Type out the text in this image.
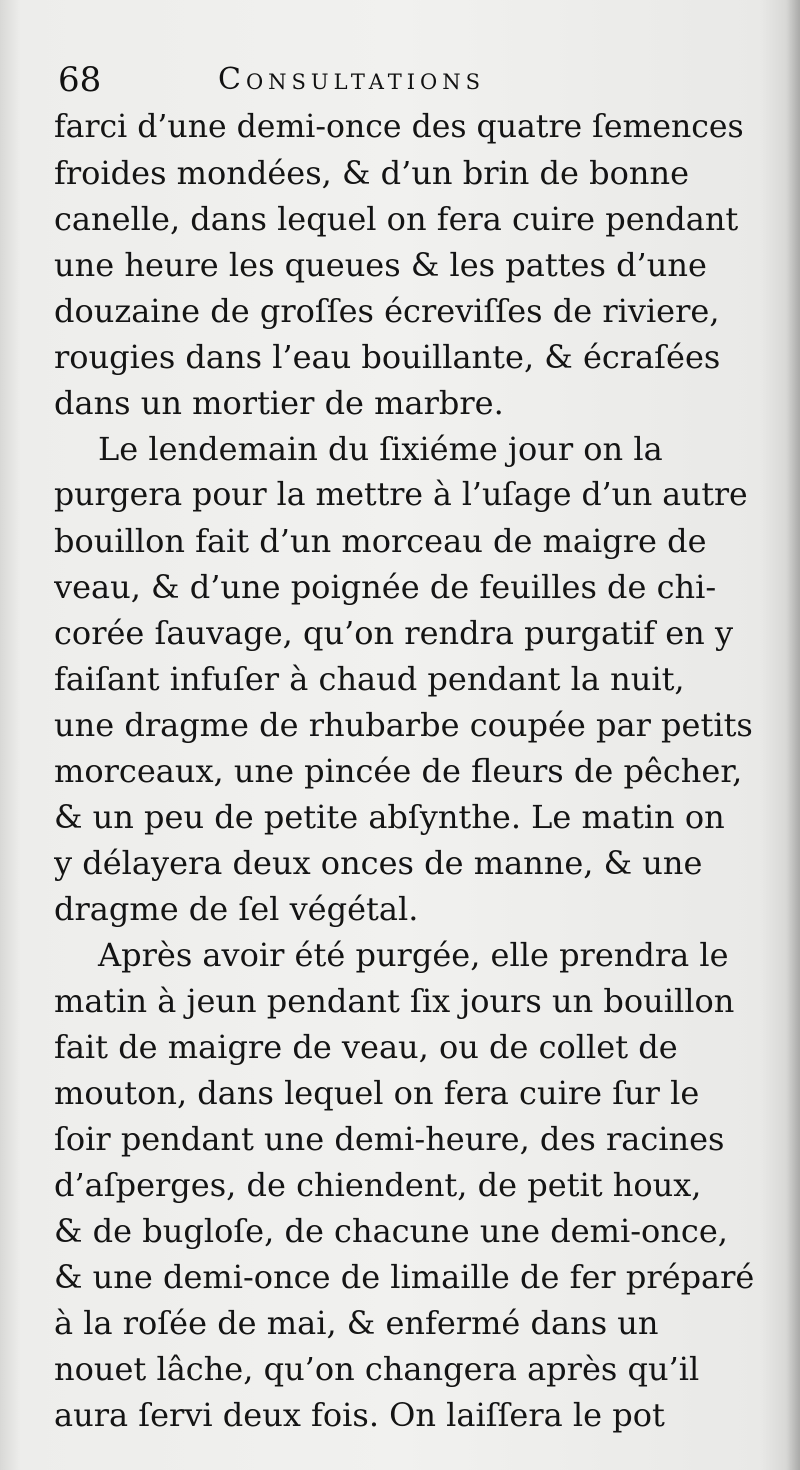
68	Consultations
farci d’une demi-once des quatre ſemences
froides mondées, & d’un brin de bonne
canelle, dans lequel on fera cuire pendant
une heure les queues & les pattes d’une
douzaine de groſſes écreviſſes de riviere,
rougies dans l’eau bouillante, & écraſées
dans un mortier de marbre.
Le lendemain du ſixiéme jour on la
purgera pour la mettre à l’uſage d’un autre
bouillon fait d’un morceau de maigre de
veau, & d’une poignée de feuilles de chi-
corée ſauvage, qu’on rendra purgatif en y
faiſant infuſer à chaud pendant la nuit,
une dragme de rhubarbe coupée par petits
morceaux, une pincée de fleurs de pêcher,
& un peu de petite abſynthe. Le matin on
y délayera deux onces de manne, & une
dragme de ſel végétal.
Après avoir été purgée, elle prendra le
matin à jeun pendant ſix jours un bouillon
fait de maigre de veau, ou de collet de
mouton, dans lequel on fera cuire ſur le
ſoir pendant une demi-heure, des racines
d’aſperges, de chiendent, de petit houx,
& de bugloſe, de chacune une demi-once,
& une demi-once de limaille de fer préparé
à la roſée de mai, & enfermé dans un
nouet lâche, qu’on changera après qu’il
aura ſervi deux fois. On laiſſera le pot
